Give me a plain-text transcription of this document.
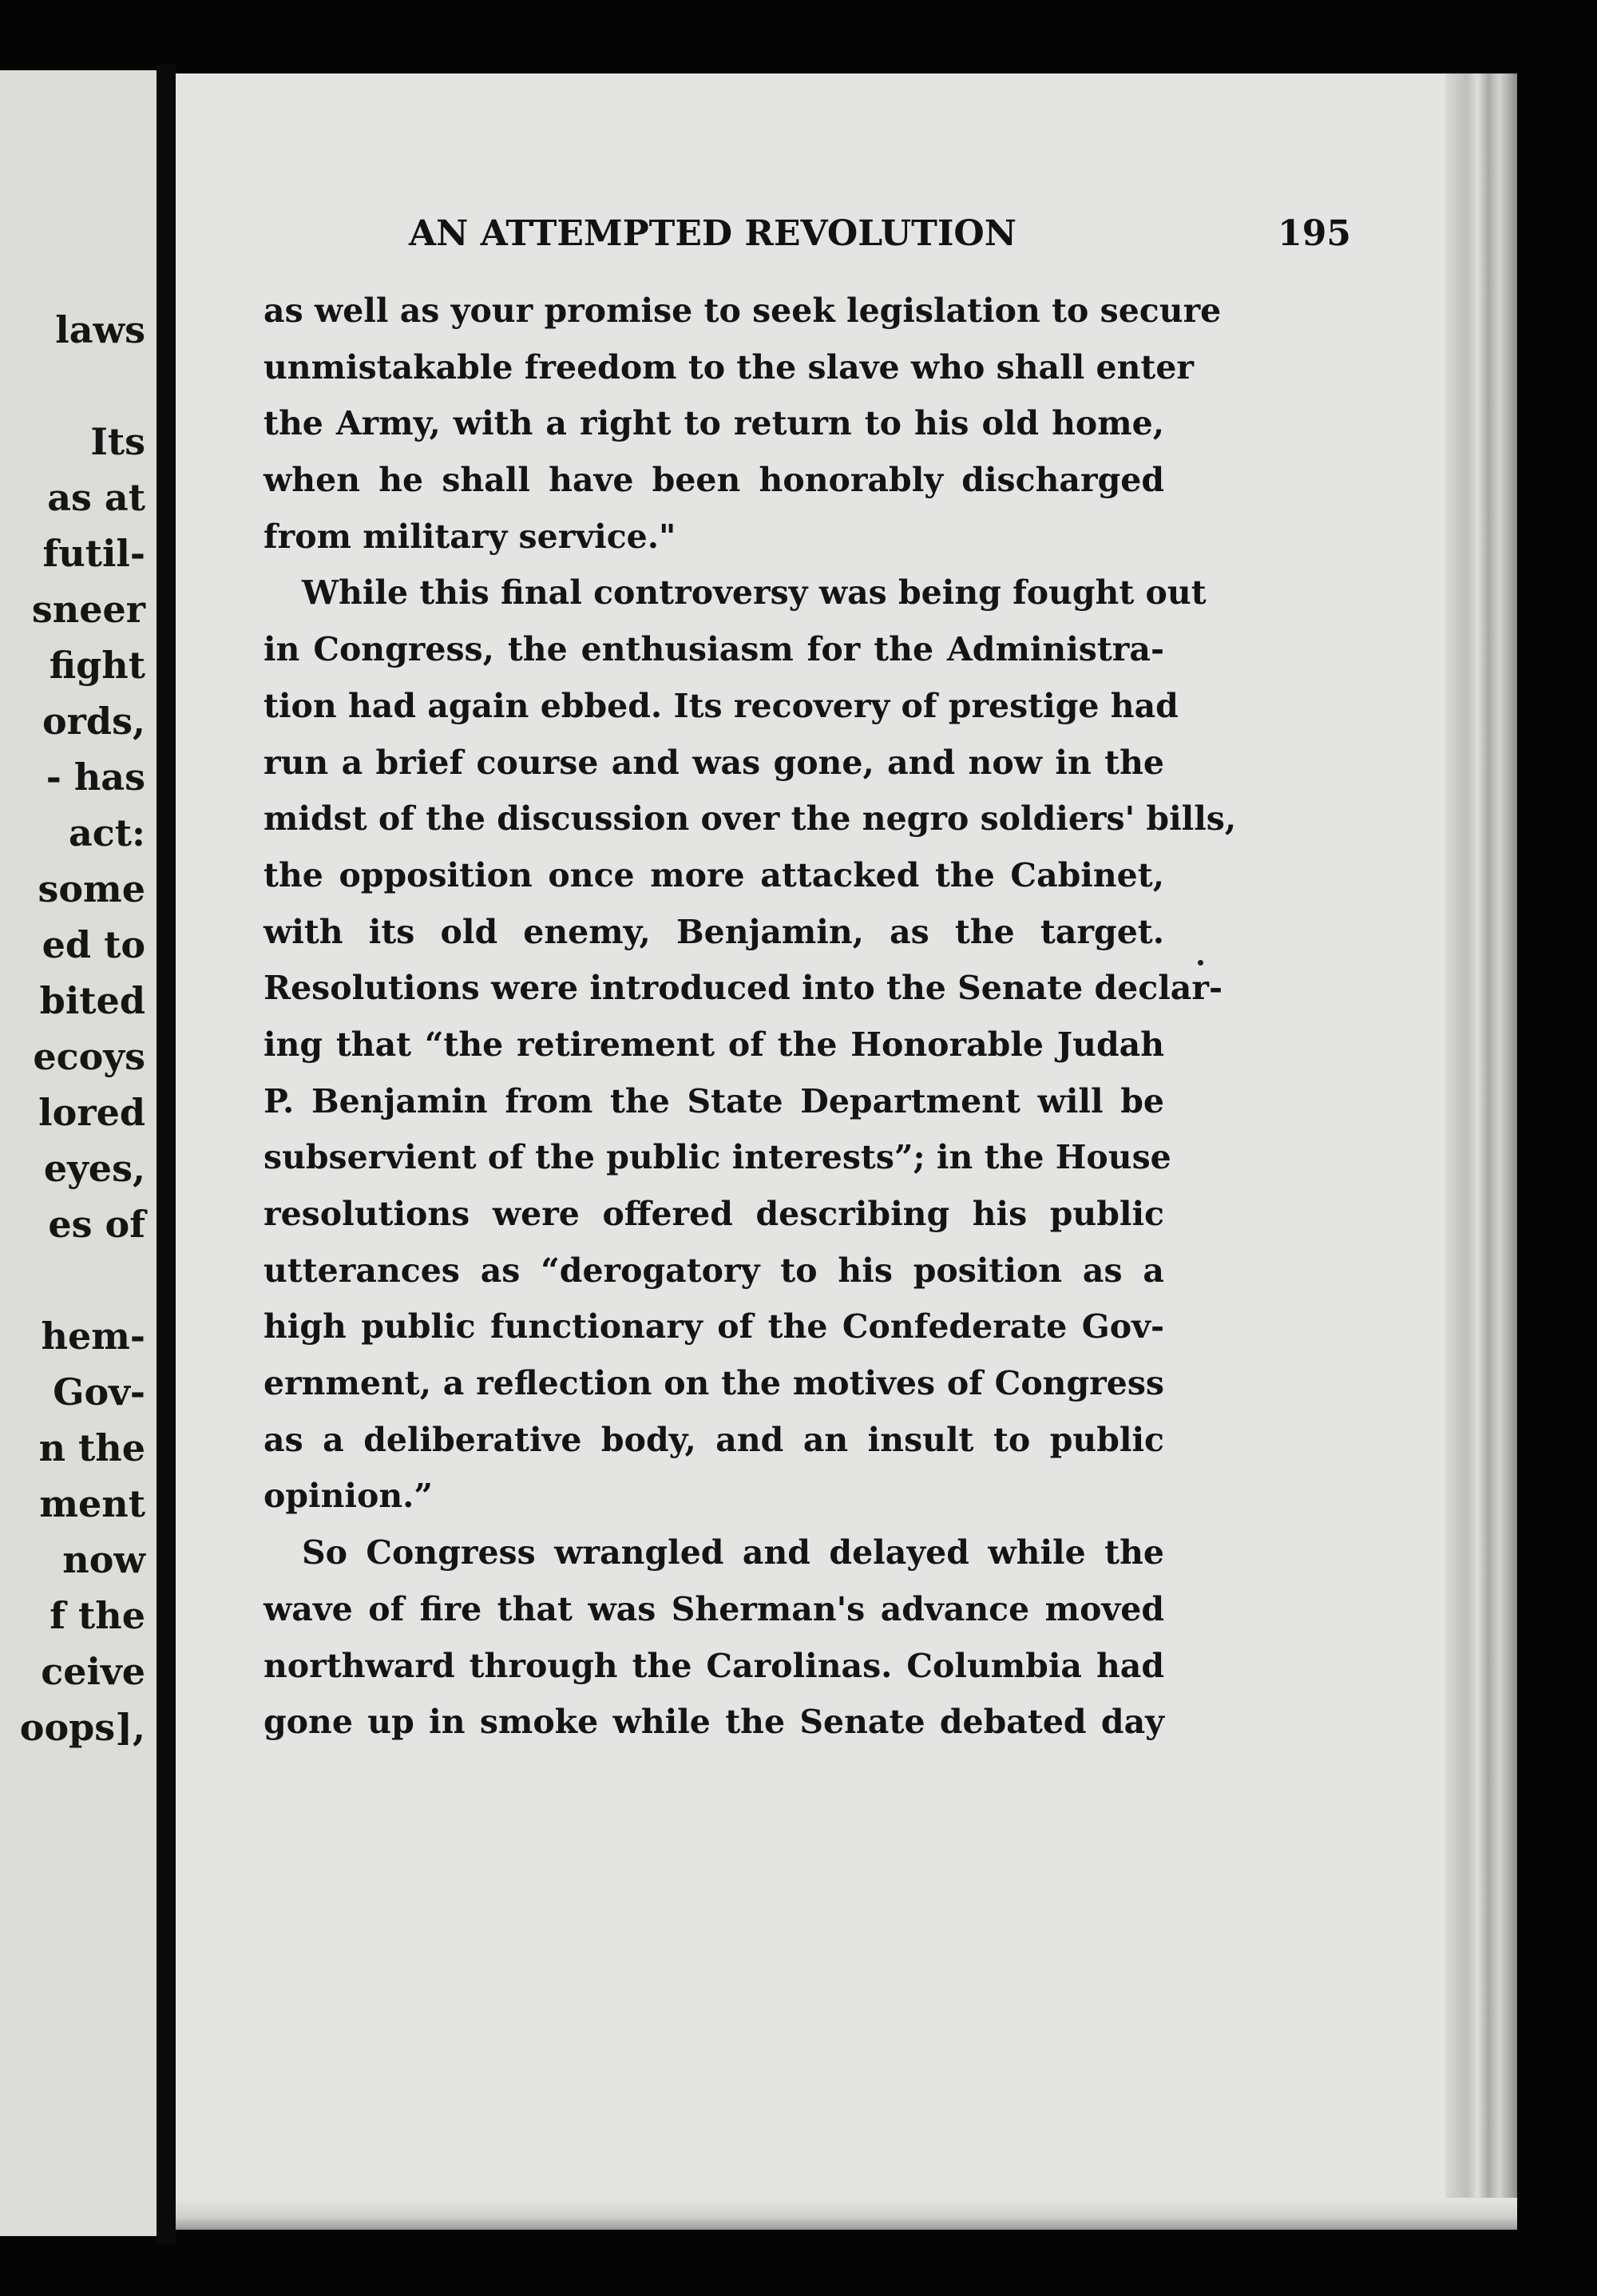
laws
Its
as at
futil-
sneer
fight
ords,
- has
act:
some
ed to
bited
ecoys
lored
eyes,
es of
hem-
Gov-
n the
ment
now
f the
ceive
oops],
AN ATTEMPTED REVOLUTION	195
as well as your promise to seek legislation to secure
unmistakable freedom to the slave who shall enter
the Army, with a right to return to his old home,
when he shall have been honorably discharged
from military service."
While this final controversy was being fought out
in Congress, the enthusiasm for the Administra-
tion had again ebbed. Its recovery of prestige had
run a brief course and was gone, and now in the
midst of the discussion over the negro soldiers' bills,
the opposition once more attacked the Cabinet,
with its old enemy, Benjamin, as the target.
Resolutions were introduced into the Senate declar-
ing that “the retirement of the Honorable Judah
P. Benjamin from the State Department will be
subservient of the public interests”; in the House
resolutions were offered describing his public
utterances as “derogatory to his position as a
high public functionary of the Confederate Gov-
ernment, a reflection on the motives of Congress
as a deliberative body, and an insult to public
opinion.”
So Congress wrangled and delayed while the
wave of fire that was Sherman's advance moved
northward through the Carolinas. Columbia had
gone up in smoke while the Senate debated day
